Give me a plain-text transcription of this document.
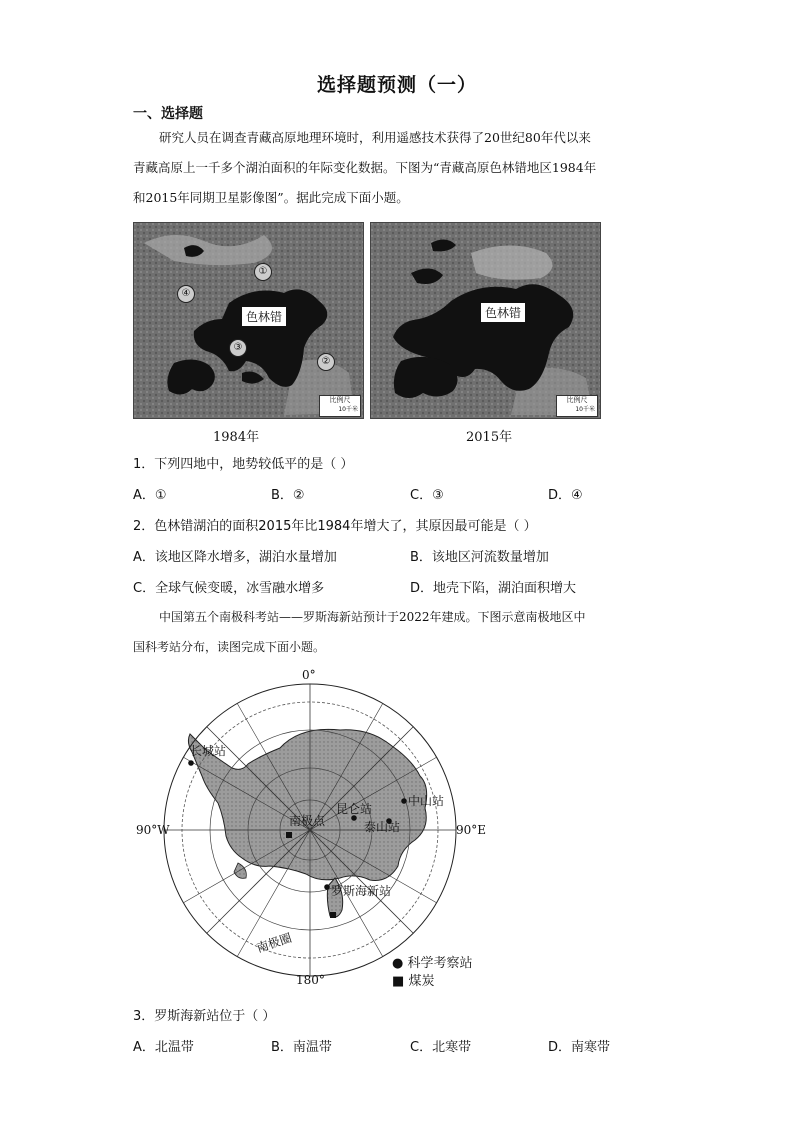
选择题预测（一）
一、选择题
研究人员在调查青藏高原地理环境时，利用遥感技术获得了20世纪80年代以来
青藏高原上一千多个湖泊面积的年际变化数据。下图为“青藏高原色林错地区1984年
和2015年同期卫星影像图”。据此完成下面小题。
①
②
③
④
色林错
比例尺
10千米
1984年
色林错
比例尺
10千米
2015年
1．下列四地中，地势较低平的是（ ）
A．①	B．②	C．③	D．④
2．色林错湖泊的面积2015年比1984年增大了，其原因最可能是（ ）
A．该地区降水增多，湖泊水量增加	B．该地区河流数量增加
C．全球气候变暖，冰雪融水增多	D．地壳下陷，湖泊面积增大
中国第五个南极科考站——罗斯海新站预计于2022年建成。下图示意南极地区中
国科考站分布，读图完成下面小题。
0°
180°
90°W	90°E
南极点
南极圈
长城站
中山站
昆仑站
泰山站
罗斯海新站
● 科学考察站
■ 煤炭
3．罗斯海新站位于（ ）
A．北温带	B．南温带	C．北寒带	D．南寒带
